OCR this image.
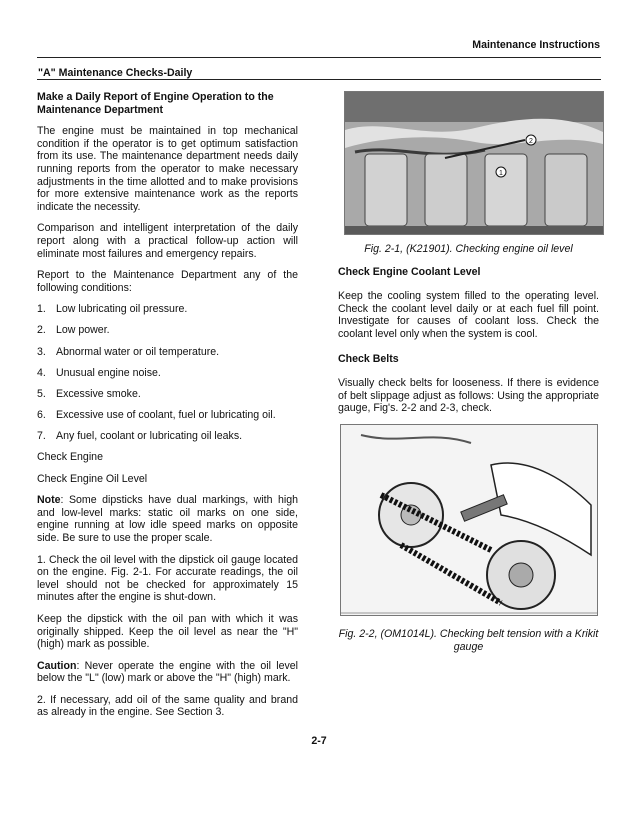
Maintenance Instructions
"A" Maintenance Checks-Daily

Make a Daily Report of Engine Operation to the Maintenance Department

The engine must be maintained in top mechanical condition if the operator is to get optimum satisfaction from its use. The maintenance department needs daily running reports from the operator to make necessary adjustments in the time allotted and to make provisions for more extensive maintenance work as the reports indicate the necessity.

Comparison and intelligent interpretation of the daily report along with a practical follow-up action will eliminate most failures and emergency repairs.

Report to the Maintenance Department any of the following conditions:

1. Low lubricating oil pressure.
2. Low power.
3. Abnormal water or oil temperature.
4. Unusual engine noise.
5. Excessive smoke.
6. Excessive use of coolant, fuel or lubricating oil.
7. Any fuel, coolant or lubricating oil leaks.

Check Engine

Check Engine Oil Level

Note: Some dipsticks have dual markings, with high and low-level marks: static oil marks on one side, engine running at low idle speed marks on opposite side. Be sure to use the proper scale.

1. Check the oil level with the dipstick oil gauge located on the engine. Fig. 2-1. For accurate readings, the oil level should not be checked for approximately 15 minutes after the engine is shut-down.

Keep the dipstick with the oil pan with which it was originally shipped. Keep the oil level as near the "H" (high) mark as possible.

Caution: Never operate the engine with the oil level below the "L" (low) mark or above the "H" (high) mark.

2. If necessary, add oil of the same quality and brand as already in the engine. See Section 3.

2
1

Fig. 2-1, (K21901). Checking engine oil level

Check Engine Coolant Level

Keep the cooling system filled to the operating level. Check the coolant level daily or at each fuel fill point. Investigate for causes of coolant loss. Check the coolant level only when the system is cool.

Check Belts

Visually check belts for looseness. If there is evidence of belt slippage adjust as follows: Using the appropriate gauge, Fig's. 2-2 and 2-3, check.

Fig. 2-2, (OM1014L). Checking belt tension with a Krikit gauge

2-7
